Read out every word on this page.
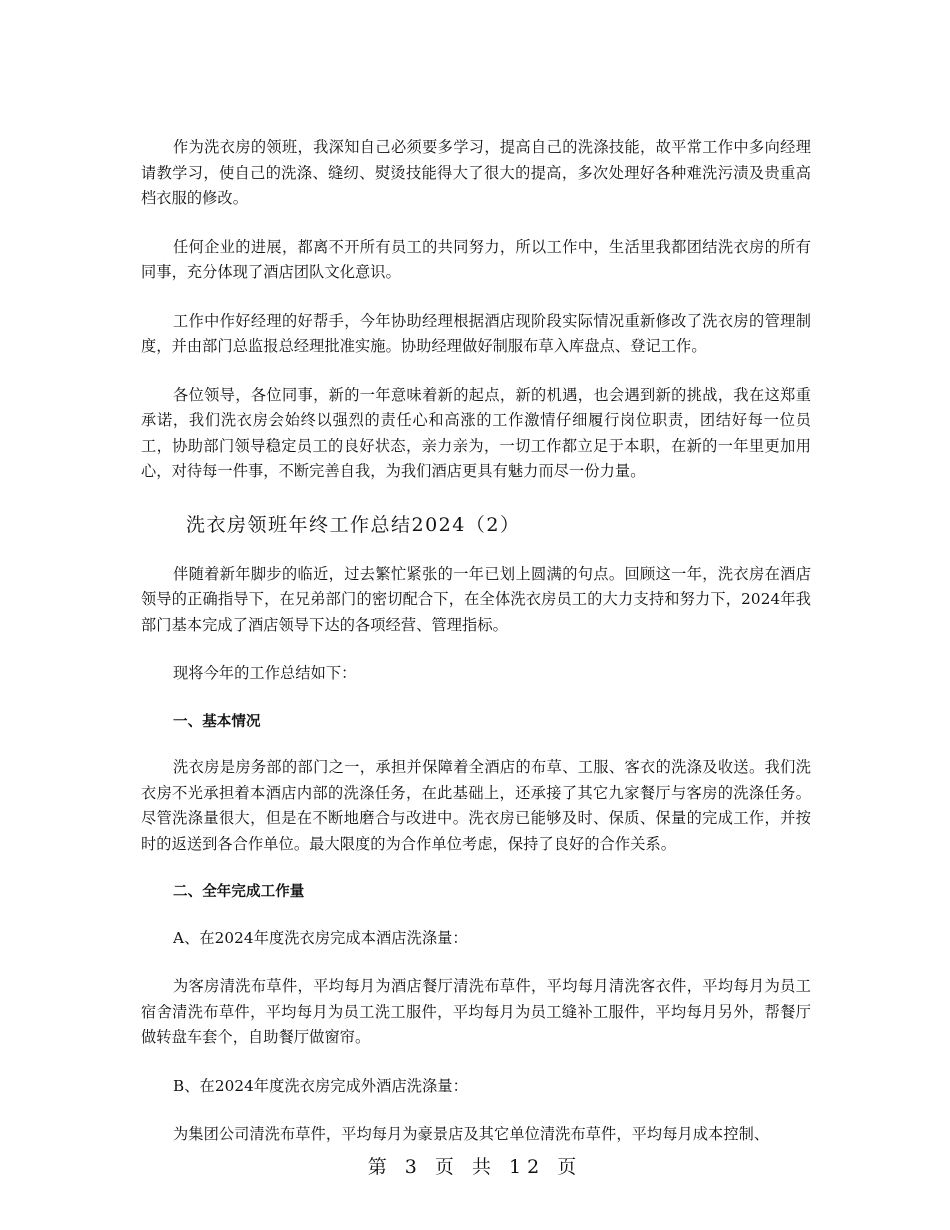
作为洗衣房的领班，我深知自己必须要多学习，提高自己的洗涤技能，故平常工作中多向经理请教学习，使自己的洗涤、缝纫、熨烫技能得大了很大的提高，多次处理好各种难洗污渍及贵重高档衣服的修改。

任何企业的进展，都离不开所有员工的共同努力，所以工作中，生活里我都团结洗衣房的所有同事，充分体现了酒店团队文化意识。

工作中作好经理的好帮手，今年协助经理根据酒店现阶段实际情况重新修改了洗衣房的管理制度，并由部门总监报总经理批准实施。协助经理做好制服布草入库盘点、登记工作。

各位领导，各位同事，新的一年意味着新的起点，新的机遇，也会遇到新的挑战，我在这郑重承诺，我们洗衣房会始终以强烈的责任心和高涨的工作激情仔细履行岗位职责，团结好每一位员工，协助部门领导稳定员工的良好状态，亲力亲为，一切工作都立足于本职，在新的一年里更加用心，对待每一件事，不断完善自我，为我们酒店更具有魅力而尽一份力量。

洗衣房领班年终工作总结2024（2）

伴随着新年脚步的临近，过去繁忙紧张的一年已划上圆满的句点。回顾这一年，洗衣房在酒店领导的正确指导下，在兄弟部门的密切配合下，在全体洗衣房员工的大力支持和努力下，2024年我部门基本完成了酒店领导下达的各项经营、管理指标。

现将今年的工作总结如下：

一、基本情况

洗衣房是房务部的部门之一，承担并保障着全酒店的布草、工服、客衣的洗涤及收送。我们洗衣房不光承担着本酒店内部的洗涤任务，在此基础上，还承接了其它九家餐厅与客房的洗涤任务。尽管洗涤量很大，但是在不断地磨合与改进中。洗衣房已能够及时、保质、保量的完成工作，并按时的返送到各合作单位。最大限度的为合作单位考虑，保持了良好的合作关系。

二、全年完成工作量

A、在2024年度洗衣房完成本酒店洗涤量：

为客房清洗布草件，平均每月为酒店餐厅清洗布草件，平均每月清洗客衣件，平均每月为员工宿舍清洗布草件，平均每月为员工洗工服件，平均每月为员工缝补工服件，平均每月另外，帮餐厅做转盘车套个，自助餐厅做窗帘。

B、在2024年度洗衣房完成外酒店洗涤量：

为集团公司清洗布草件，平均每月为豪景店及其它单位清洗布草件，平均每月成本控制、

第 3 页 共 12 页
